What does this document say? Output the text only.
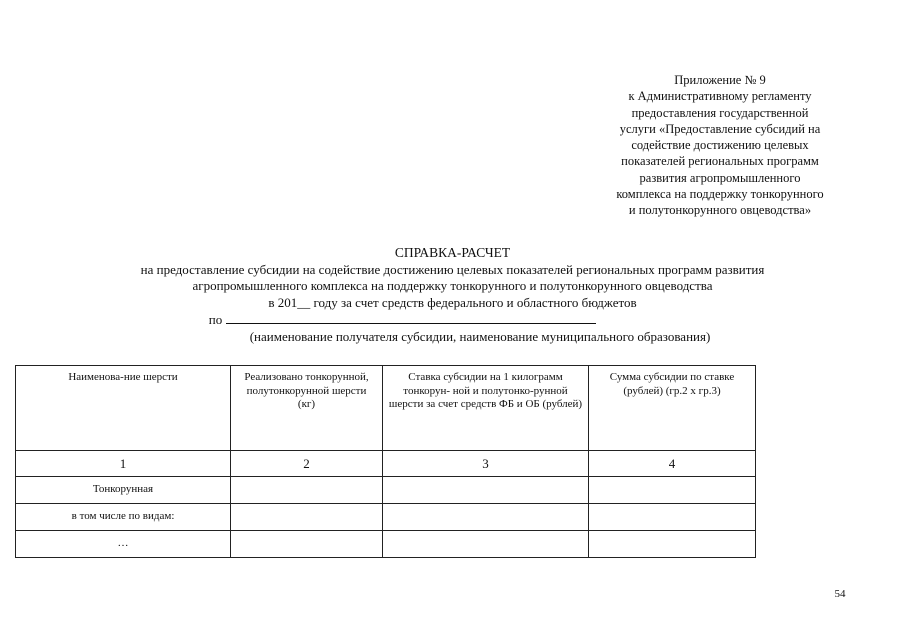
Приложение № 9
к Административному регламенту
предоставления государственной
услуги «Предоставление субсидий на
содействие достижению целевых
показателей региональных программ
развития агропромышленного
комплекса на поддержку тонкорунного
и полутонкорунного овцеводства»
СПРАВКА-РАСЧЕТ
на предоставление субсидии на содействие достижению целевых показателей региональных программ развития
агропромышленного комплекса на поддержку тонкорунного и полутонкорунного овцеводства
в 201__ году за счет средств федерального и областного бюджетов
по
(наименование получателя субсидии, наименование муниципального образования)
Наименова-ние шерсти	Реализовано тонкорунной, полутонкорунной шерсти (кг)	Ставка субсидии на 1 килограмм тонкорун- ной и полутонко-рунной шерсти за счет средств ФБ и ОБ (рублей)	Сумма субсидии по ставке (рублей) (гр.2 x гр.3)
1	2	3	4
Тонкорунная			
в том числе по видам:			
…			
54
